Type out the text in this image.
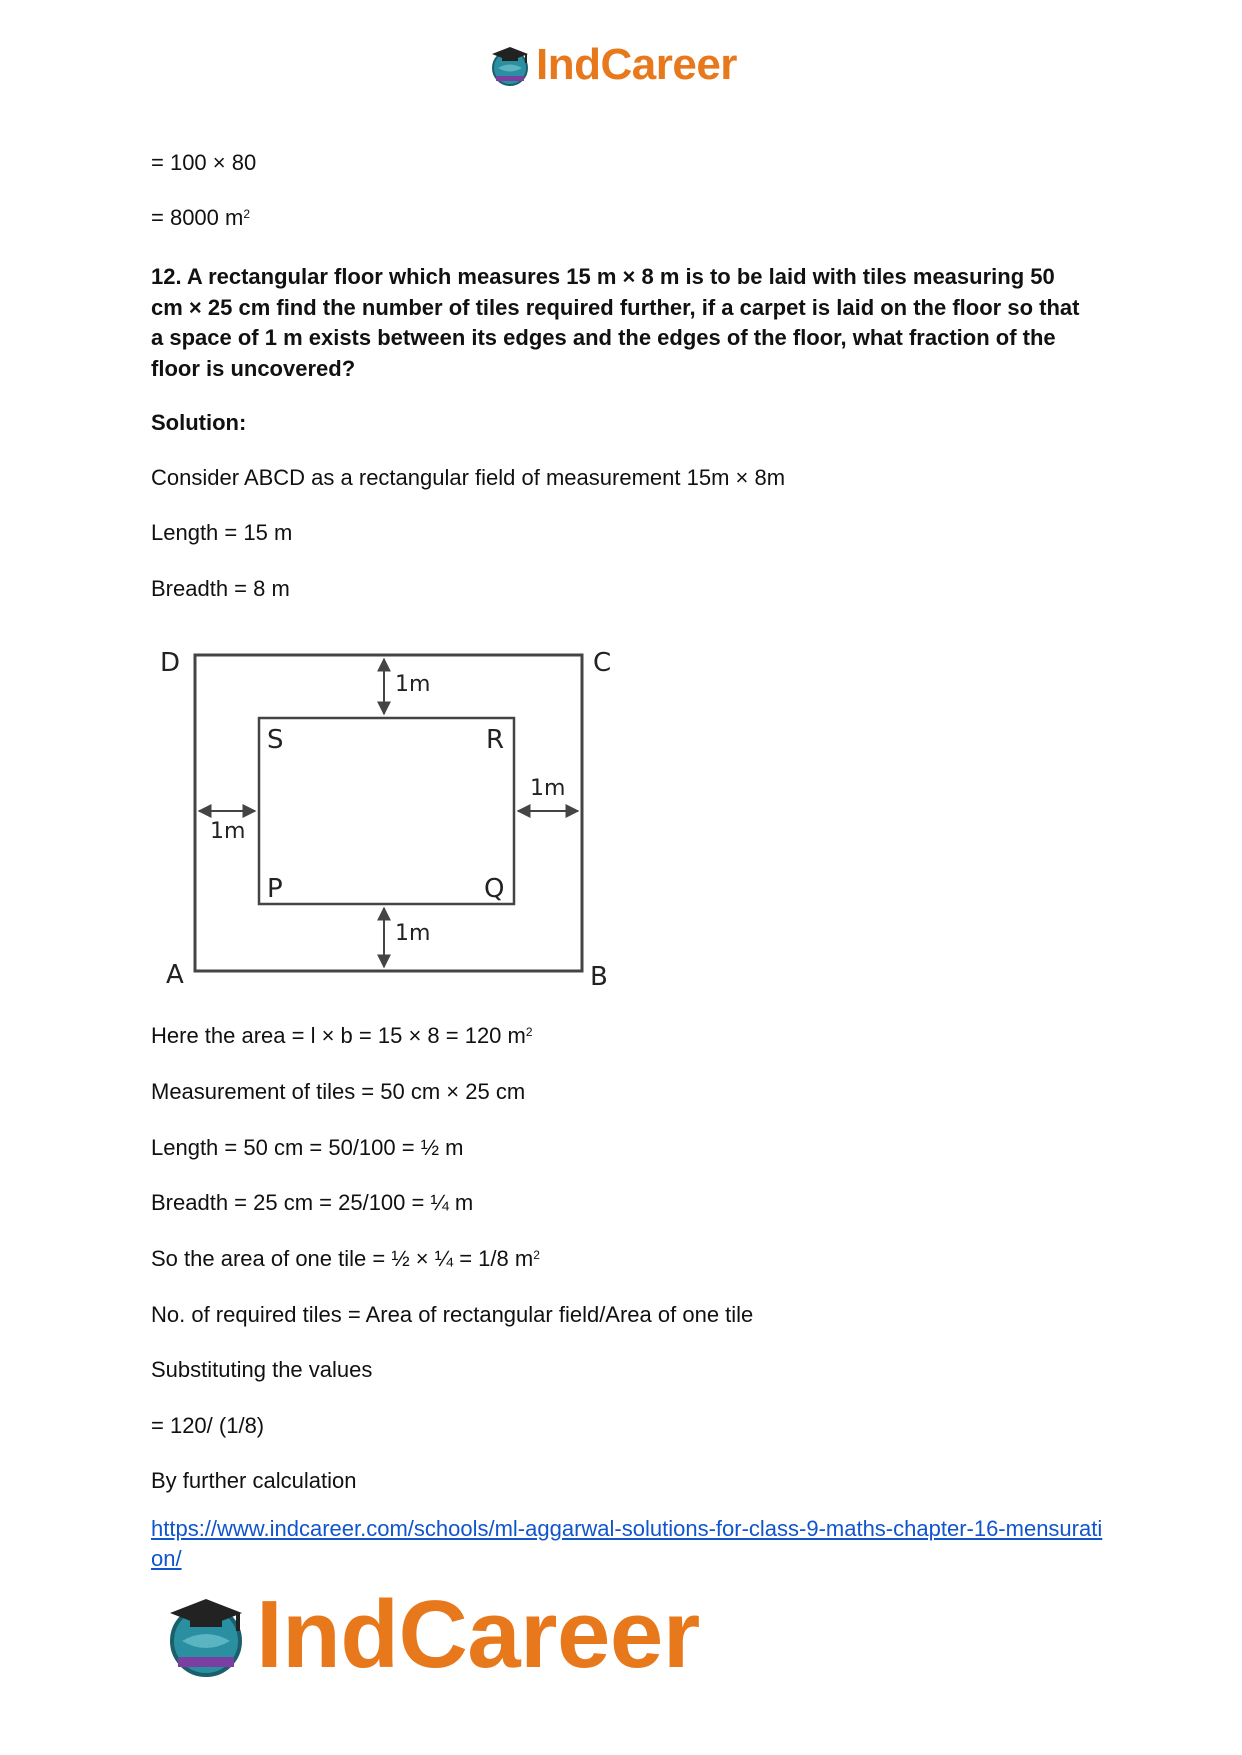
IndCareer
= 100 × 80
= 8000 $m^2$
12. A rectangular floor which measures 15 m × 8 m is to be laid with tiles measuring 50 cm × 25 cm find the number of tiles required further, if a carpet is laid on the floor so that a space of 1 m exists between its edges and the edges of the floor, what fraction of the floor is uncovered?
Solution:
Consider ABCD as a rectangular field of measurement 15m × 8m
Length = 15 m
Breadth = 8 m
D	C
A	B
S	R
P	Q
1m
1m
1m
1m
Here the area = l × b = 15 × 8 = 120 $m^2$
Measurement of tiles = 50 cm × 25 cm
Length = 50 cm = 50/100 = ½ m
Breadth = 25 cm = 25/100 = ¼ m
So the area of one tile = ½ × ¼ = 1/8 $m^2$
No. of required tiles = Area of rectangular field/Area of one tile
Substituting the values
= 120/ (1/8)
By further calculation
https://www.indcareer.com/schools/ml-aggarwal-solutions-for-class-9-maths-chapter-16-mensuration/
IndCareer
